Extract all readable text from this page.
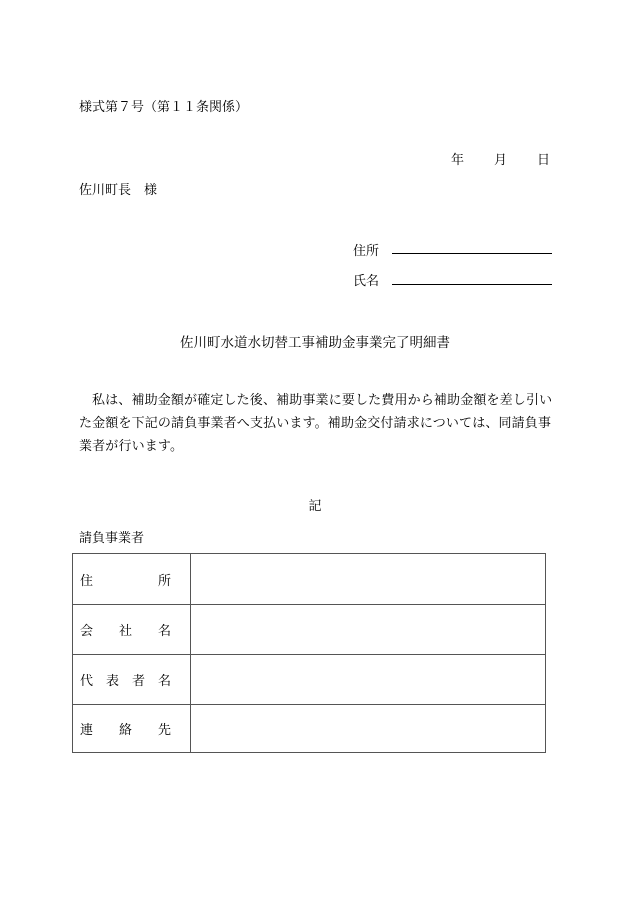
様式第７号（第１１条関係）
年 月 日
佐川町長　様
住所
氏名
佐川町水道水切替工事補助金事業完了明細書
私は、補助金額が確定した後、補助事業に要した費用から補助金額を差し引いた金額を下記の請負事業者へ支払います。補助金交付請求については、同請負事業者が行います。
記
請負事業者
住 所	

会 社 名	

代 表 者 名	

連 絡 先	
